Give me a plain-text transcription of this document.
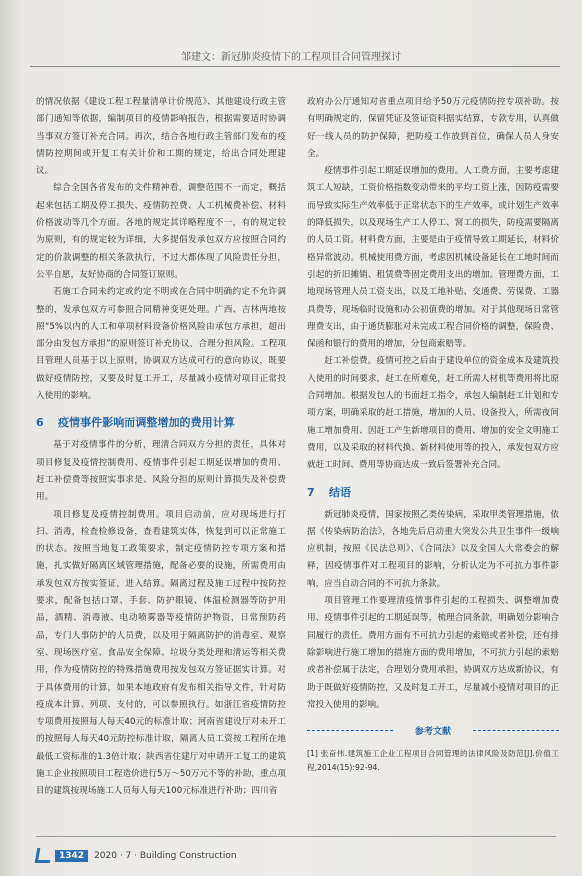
邹建文：新冠肺炎疫情下的工程项目合同管理探讨

的情况依据《建设工程工程量清单计价规范》、其他建设行政主管部门通知等依据，编制项目的疫情影响报告，根据需要适时协调当事双方签订补充合同。再次，结合各地行政主管部门发布的疫情防控期间或开复工有关计价和工期的规定，给出合同处理建议。

综合全国各省发布的文件精神看，调整范围不一而定，概括起来包括工期及停工损失、疫情防控费、人工机械费补偿、材料价格波动等几个方面。各地的规定其详略程度不一，有的规定较为原则，有的规定较为详细，大多提倡发承包双方应按照合同约定的价款调整的相关条款执行，不过大都体现了风险责任分担，公平自愿，友好协商的合同签订原则。

若施工合同未约定或约定不明或在合同中明确约定不允许调整的，发承包双方可参照合同精神变更处理。广西、吉林两地按照“5%以内的人工和单项材料设备价格风险由承包方承担，超出部分由发包方承担”的原则签订补充协议，合理分担风险。工程项目管理人员基于以上原则，协调双方达成可行的意向协议，既要做好疫情防控，又要及时复工开工，尽量减小疫情对项目正常投入使用的影响。

6 疫情事件影响而调整增加的费用计算

基于对疫情事件的分析，理清合同双方分担的责任，具体对项目修复及疫情控制费用、疫情事件引起工期延误增加的费用、赶工补偿费等按照实事求是、风险分担的原则计算损失及补偿费用。

项目修复及疫情控制费用。项目启动前，应对现场进行打扫、消毒，检查检修设备，查看建筑实体，恢复到可以正常施工的状态。按照当地复工政策要求，制定疫情防控专项方案和措施，扎实做好隔离区域管理措施，配备必要的设施，所需费用由承发包双方按实签证，进入结算。隔离过程及施工过程中按防控要求，配备包括口罩、手套、防护眼镜、体温检测器等防护用品，酒精、消毒液、电动喷雾器等疫情防护物资，日常预防药品，专门人事防护的人员费，以及用于隔离防护的消毒室、观察室、现场医疗室、食品安全保障、垃圾分类处理和清运等相关费用，作为疫情防控的特殊措施费用按发包双方签证据实计算。对于具体费用的计算，如果本地政府有发布相关指导文件，针对防疫成本计算、列项、支付的，可以参照执行。如浙江省疫情防控专项费用按照每人每天40元的标准计取；河南省建设厅对未开工的按照每人每天40元防控标准计取，隔离人员工资按工程所在地最低工资标准的1.3倍计取；陕西省住建厅对申请开工复工的建筑施工企业按照项目工程造价进行5万～50万元不等的补助，重点项目的建筑按现场施工人员每人每天100元标准进行补助；四川省

政府办公厅通知对省重点项目给予50万元疫情防控专项补助。按有明确规定的，保留凭证及签证资料据实结算，专款专用，认真做好一线人员的防护保障，把防疫工作放到首位，确保人员人身安全。

疫情事件引起工期延误增加的费用。人工费方面，主要考虑建筑工人短缺，工资价格指数变动带来的平均工资上涨，因防疫需要而导致实际生产效率低于正常状态下的生产效率，或计划生产效率的降低损失，以及现场生产工人停工、窝工的损失，防疫需要隔离的人员工资。材料费方面，主要是由于疫情导致工期延长，材料价格异常波动。机械使用费方面，考虑因机械设备延长在工地时间而引起的折旧摊销、租赁费等固定费用支出的增加。管理费方面，工地现场管理人员工资支出，以及工地补贴、交通费、劳保费、工器具费等，现场临时设施和办公初值费的增加。对于其他现场日常管理费支出，由于通货膨胀对未完成工程合同价格的调整，保险费、保函和银行的费用的增加，分包商索赔等。

赶工补偿费。疫情可控之后由于建设单位的资金成本及建筑投入使用的时间要求，赶工在所难免，赶工所需人材机等费用将比原合同增加。根据发包人的书面赶工指令，承包人编制赶工计划和专项方案，明确采取的赶工措施，增加的人员、设备投入，所需夜间施工增加费用、因赶工产生新增项目的费用、增加的安全文明施工费用，以及采取的材料代换、新材料使用等的投入，承发包双方应就赶工时间、费用等协商达成一致后签署补充合同。

7 结语

新冠肺炎疫情，国家按照乙类传染病，采取甲类管理措施，依据《传染病防治法》，各地先后启动重大突发公共卫生事件一级响应机制，按照《民法总则》、《合同法》以及全国人大常委会的解释，因疫情事件对工程项目的影响，分析认定为不可抗力事件影响，应当自动合同的不可抗力条款。

项目管理工作要理清疫情事件引起的工程损失、调整增加费用、疫情事件引起的工期延误等，梳理合同条款，明确划分影响合同履行的责任。费用方面有不可抗力引起的索赔或者补偿，还有排除影响进行施工增加的措施方面的费用增加，不可抗力引起的索赔或者补偿属于法定，合理划分费用承担，协调双方达成新协议，有助于既做好疫情防控，又及时复工开工，尽量减小疫情对项目的正常投入使用的影响。

参考文献

[1] 张奋伟.建筑施工企业工程项目合同管理的法律风险及防范[J].价值工程,2014(15):92-94.

1342	2020 · 7 · Building Construction
